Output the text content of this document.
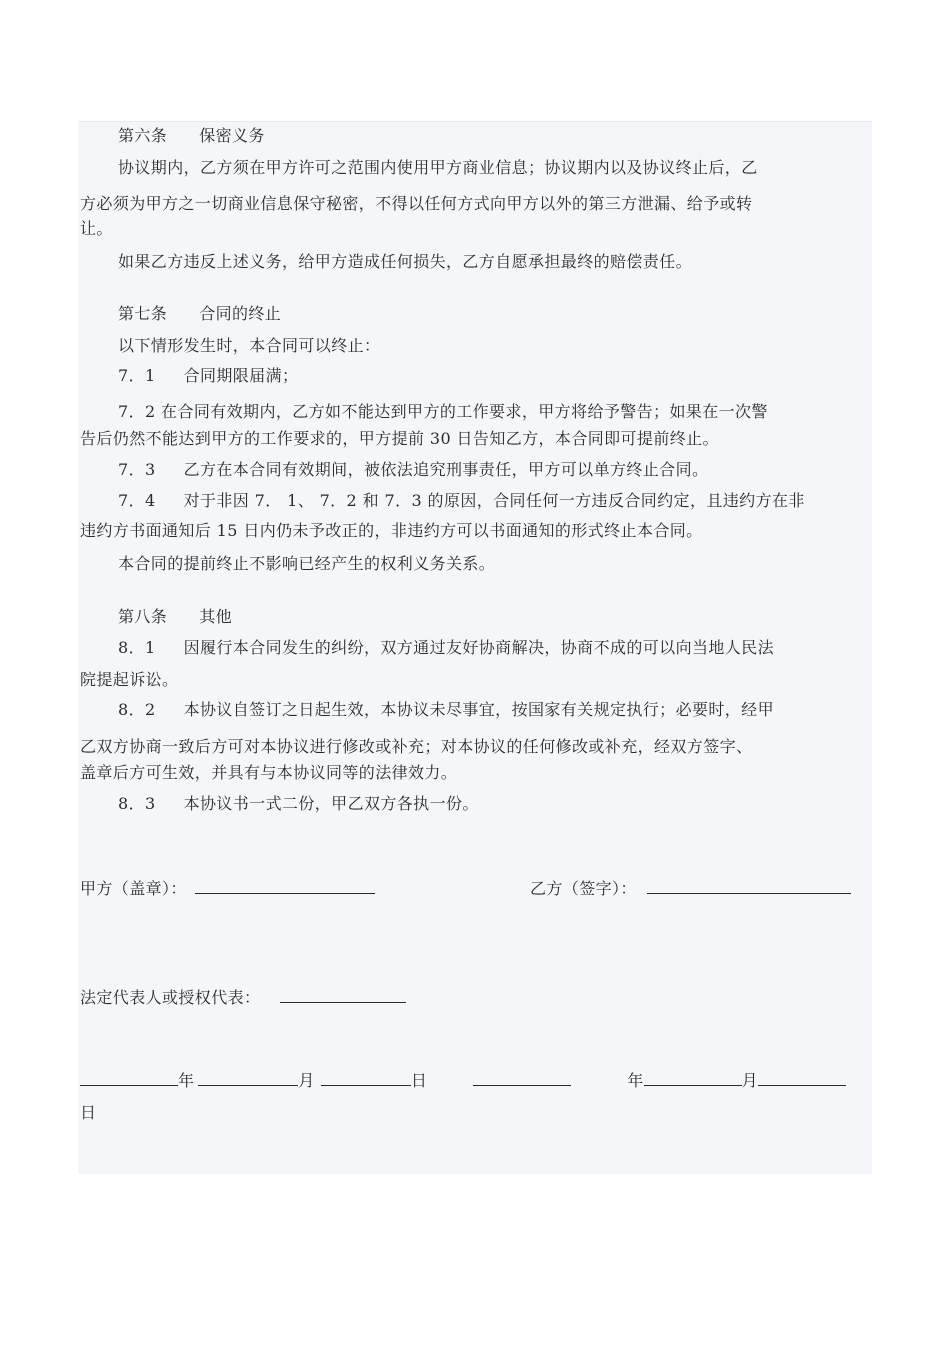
第六条 保密义务
协议期内，乙方须在甲方许可之范围内使用甲方商业信息；协议期内以及协议终止后，乙
方必须为甲方之一切商业信息保守秘密，不得以任何方式向甲方以外的第三方泄漏、给予或转
让。
如果乙方违反上述义务，给甲方造成任何损失，乙方自愿承担最终的赔偿责任。
第七条 合同的终止
以下情形发生时，本合同可以终止：
7．1 合同期限届满；
7．2 在合同有效期内，乙方如不能达到甲方的工作要求，甲方将给予警告；如果在一次警
告后仍然不能达到甲方的工作要求的，甲方提前 30 日告知乙方，本合同即可提前终止。
7．3 乙方在本合同有效期间，被依法追究刑事责任，甲方可以单方终止合同。
7．4 对于非因 7． 1、 7．2 和 7．3 的原因，合同任何一方违反合同约定，且违约方在非
违约方书面通知后 15 日内仍未予改正的，非违约方可以书面通知的形式终止本合同。
本合同的提前终止不影响已经产生的权利义务关系。
第八条 其他
8．1 因履行本合同发生的纠纷，双方通过友好协商解决，协商不成的可以向当地人民法
院提起诉讼。
8．2 本协议自签订之日起生效，本协议未尽事宜，按国家有关规定执行；必要时，经甲
乙双方协商一致后方可对本协议进行修改或补充；对本协议的任何修改或补充，经双方签字、
盖章后方可生效，并具有与本协议同等的法律效力。
8．3 本协议书一式二份，甲乙双方各执一份。
甲方（盖章）：	乙方（签字）：
法定代表人或授权代表：
年	月	日	年	月
日
